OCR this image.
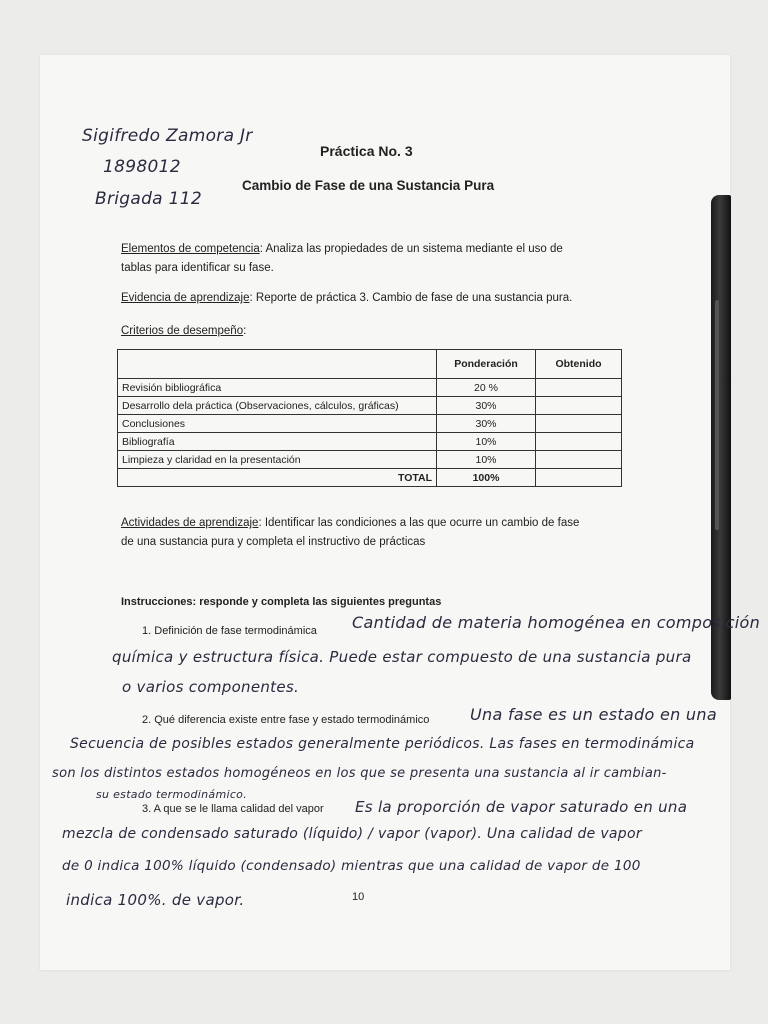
Sigifredo Zamora Jr
1898012
Brigada 112
Práctica No. 3
Cambio de Fase de una Sustancia Pura
Elementos de competencia: Analiza las propiedades de un sistema mediante el uso de
tablas para identificar su fase.
Evidencia de aprendizaje: Reporte de práctica 3. Cambio de fase de una sustancia pura.
Criterios de desempeño:
	Ponderación	Obtenido
Revisión bibliográfica	20 %	
Desarrollo dela práctica (Observaciones, cálculos, gráficas)	30%	
Conclusiones	30%	
Bibliografía	10%	
Limpieza y claridad en la presentación	10%	
TOTAL	100%	
Actividades de aprendizaje: Identificar las condiciones a las que ocurre un cambio de fase
de una sustancia pura y completa el instructivo de prácticas
Instrucciones: responde y completa las siguientes preguntas
1. Definición de fase termodinámica Cantidad de materia homogénea en composición
química y estructura física. Puede estar compuesto de una sustancia pura
o varios componentes.
2. Qué diferencia existe entre fase y estado termodinámico	Una fase es un estado en una
Secuencia de posibles estados generalmente periódicos. Las fases en termodinámica
son los distintos estados homogéneos en los que se presenta una sustancia al ir cambian-
su estado termodinámico.
3. A que se le llama calidad del vapor Es la proporción de vapor saturado en una
mezcla de condensado saturado (líquido) / vapor (vapor). Una calidad de vapor
de 0 indica 100% líquido (condensado) mientras que una calidad de vapor de 100
indica 100%. de vapor.	10
